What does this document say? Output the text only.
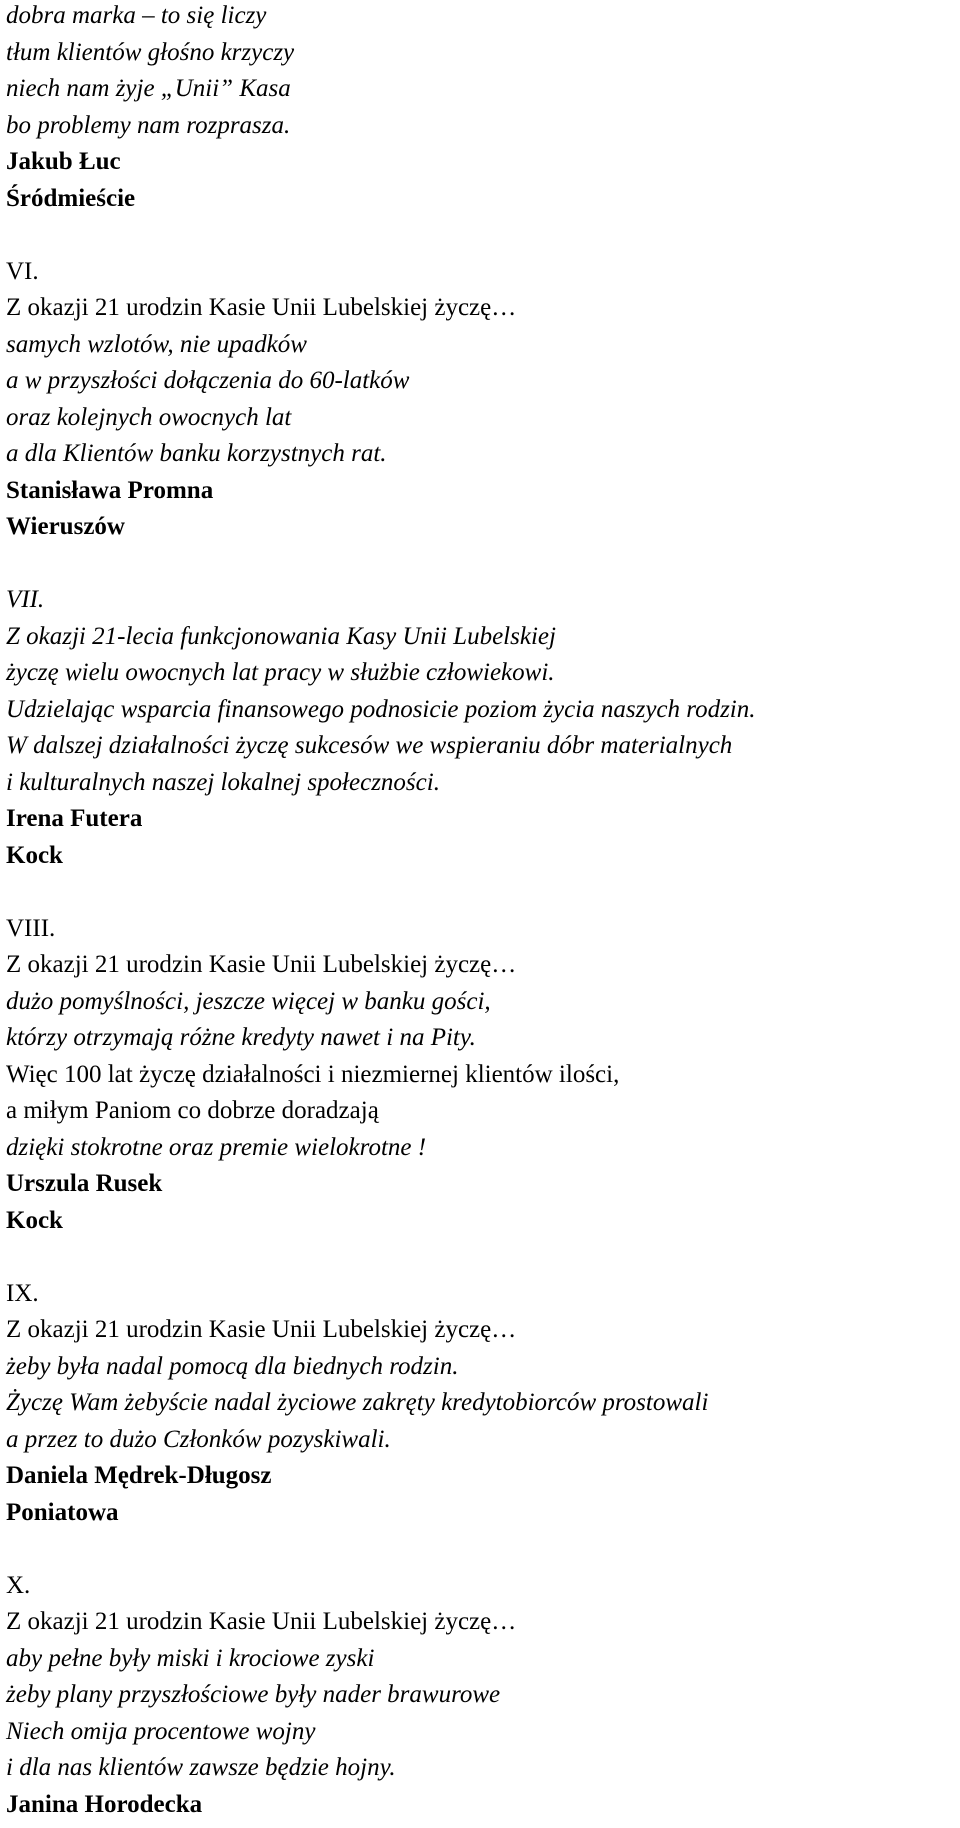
dobra marka – to się liczy
tłum klientów głośno krzyczy
niech nam żyje „Unii” Kasa
bo problemy nam rozprasza.
Jakub Łuc
Śródmieście
VI.
Z okazji 21 urodzin Kasie Unii Lubelskiej życzę…
samych wzlotów, nie upadków
a w przyszłości dołączenia do 60-latków
oraz kolejnych owocnych lat
a dla Klientów banku korzystnych rat.
Stanisława Promna
Wieruszów
VII.
Z okazji 21-lecia funkcjonowania Kasy Unii Lubelskiej
życzę wielu owocnych lat pracy w służbie człowiekowi.
Udzielając wsparcia finansowego podnosicie poziom życia naszych rodzin.
W dalszej działalności życzę sukcesów we wspieraniu dóbr materialnych
i kulturalnych naszej lokalnej społeczności.
Irena Futera
Kock
VIII.
Z okazji 21 urodzin Kasie Unii Lubelskiej życzę…
dużo pomyślności, jeszcze więcej w banku gości,
którzy otrzymają różne kredyty nawet i na Pity.
Więc 100 lat życzę działalności i niezmiernej klientów ilości,
a miłym Paniom co dobrze doradzają
dzięki stokrotne oraz premie wielokrotne !
Urszula Rusek
Kock
IX.
Z okazji 21 urodzin Kasie Unii Lubelskiej życzę…
żeby była nadal pomocą dla biednych rodzin.
Życzę Wam żebyście nadal życiowe zakręty kredytobiorców prostowali
a przez to dużo Członków pozyskiwali.
Daniela Mędrek-Długosz
Poniatowa
X.
Z okazji 21 urodzin Kasie Unii Lubelskiej życzę…
aby pełne były miski i krociowe zyski
żeby plany przyszłościowe były nader brawurowe
Niech omija procentowe wojny
i dla nas klientów zawsze będzie hojny.
Janina Horodecka
